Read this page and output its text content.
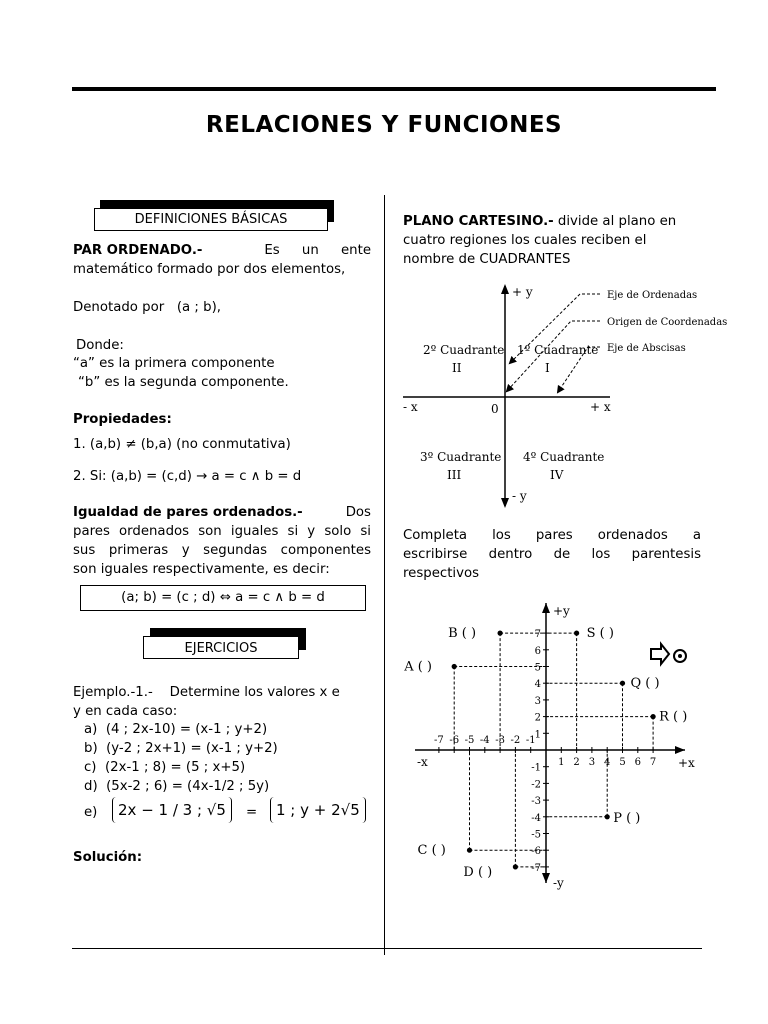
RELACIONES Y FUNCIONES
DEFINICIONES BÁSICAS
PAR ORDENADO.-	Es un ente
matemático formado por dos elementos,
Denotado por   (a ; b),
Donde:
“a” es la primera componente
“b” es la segunda componente.
Propiedades:
1. (a,b) ≠ (b,a) (no conmutativa)
2. Si: (a,b) = (c,d) → a = c ∧ b = d
Igualdad de pares ordenados.-	Dos
pares ordenados son iguales si y solo si
sus primeras y segundas componentes
son iguales respectivamente, es decir:
(a; b) = (c ; d) ⇔ a = c ∧ b = d
EJERCICIOS
Ejemplo.-1.-    Determine los valores x e
y en cada caso:
a) (4 ; 2x-10) = (x-1 ; y+2)
b) (y-2 ; 2x+1) = (x-1 ; y+2)
c) (2x-1 ; 8) = (5 ; x+5)
d) (5x-2 ; 6) = (4x-1/2 ; 5y)
e)	2x − 1 / 3 ; √5	=	1 ; y + 2√5
Solución:
PLANO CARTESINO.- divide al plano en
cuatro regiones los cuales reciben el
nombre de CUADRANTES
+ y
- y
+ x
- x	0
2º Cuadrante
II
1º Cuadrante
I
3º Cuadrante
III
4º Cuadrante
IV
Eje de Ordenadas
Origen de Coordenadas
Eje de Abscisas
Completa los pares ordenados a
escribirse dentro de los parentesis
respectivos
+y
-y
+x
-x
-7 -6 -5 -4 -3 -2 -1
1 2 3 4 5 6 7
1
2
3
4
5
6
7
-1
-2
-3
-4
-5
-6
-7
A ( )
B ( )	S ( )
Q ( )
R ( )
P ( )
C ( )
D ( )
